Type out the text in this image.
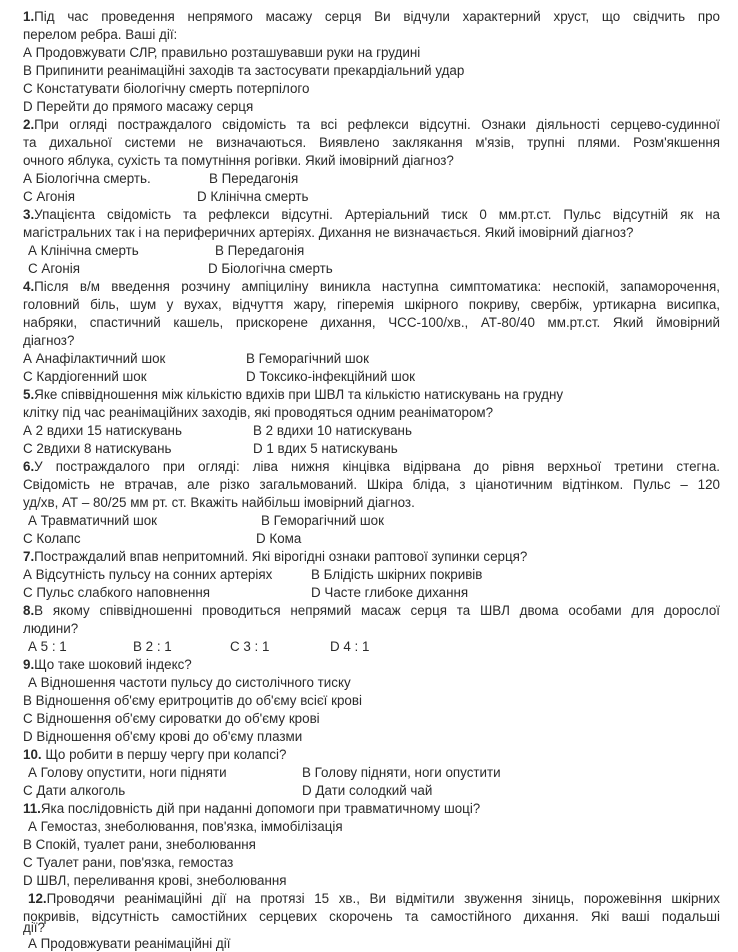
1.Під час проведення непрямого масажу серця Ви відчули характерний хруст, що свідчить про
перелом ребра. Ваші дії:
А Продовжувати СЛР, правильно розташувавши руки на грудині
В Припинити реанімаційні заходів та застосувати прекардіальний удар
С Констатувати біологічну смерть потерпілого
D Перейти до прямого масажу серця
2.При огляді постраждалого свідомість та всі рефлекси відсутні. Ознаки діяльності серцево-судинної
та дихальної системи не визначаються. Виявлено заклякання м'язів, трупні плями. Розм'якшення
очного яблука, сухість та помутніння рогівки. Який імовірний діагноз?
А Біологічна смерть.	В Передагонія
С Агонія	D Клінічна смерть
3.Упацієнта свідомість та рефлекси відсутні. Артеріальний тиск 0 мм.рт.ст. Пульс відсутній як на
магістральних так і на периферичних артеріях. Дихання не визначається. Який імовірний діагноз?
А Клінічна смерть	В Передагонія
С Агонія	D Біологічна смерть
4.Після в/м введення розчину ампіциліну виникла наступна симптоматика: неспокій, запаморочення,
головний біль, шум у вухах, відчуття жару, гіперемія шкірного покриву, свербіж, уртикарна висипка,
набряки, спастичний кашель, прискорене дихання, ЧСС-100/хв., АТ-80/40 мм.рт.ст. Який ймовірний
діагноз?
А Анафілактичний шок	В Геморагічний шок
С Кардіогенний шок	D Токсико-інфекційний шок
5.Яке співвідношення між кількістю вдихів при ШВЛ та кількістю натискувань на грудну
клітку під час реанімаційних заходів, які проводяться одним реаніматором?
А 2 вдихи 15 натискувань	В 2 вдихи 10 натискувань
С 2вдихи 8 натискувань	D 1 вдих 5 натискувань
6.У постраждалого при огляді: ліва нижня кінцівка відірвана до рівня верхньої третини стегна.
Свідомість не втрачав, але різко загальмований. Шкіра бліда, з ціанотичним відтінком. Пульс – 120
уд/хв, АТ – 80/25 мм рт. ст. Вкажіть найбільш імовірний діагноз.
А Травматичний шок	В Геморагічний шок
С Колапс	D Кома
7.Постраждалий впав непритомний. Які вірогідні ознаки раптової зупинки серця?
А Відсутність пульсу на сонних артеріях	В Блідість шкірних покривів
С Пульс слабкого наповнення	D Часте глибоке дихання
8.В якому співвідношенні проводиться непрямий масаж серця та ШВЛ двома особами для дорослої
людини?
А 5 : 1	В 2 : 1	С 3 : 1	D 4 : 1
9.Що таке шоковий індекс?
А Відношення частоти пульсу до систолічного тиску
В Відношення об'єму еритроцитів до об'єму всієї крові
С Відношення об'єму сироватки до об'єму крові
D Відношення об'єму крові до об'єму плазми
10. Що робити в першу чергу при колапсі?
А Голову опустити, ноги підняти	В Голову підняти, ноги опустити
С Дати алкоголь	D Дати солодкий чай
11.Яка послідовність дій при наданні допомоги при травматичному шоці?
А Гемостаз, знеболювання, пов'язка, іммобілізація
В Спокій, туалет рани, знеболювання
С Туалет рани, пов'язка, гемостаз
D ШВЛ, переливання крові, знеболювання
12.Проводячи реанімаційні дії на протязі 15 хв., Ви відмітили звуження зіниць, порожевіння шкірних
покривів, відсутність самостійних серцевих скорочень та самостійного дихання. Які ваші подальші
дії?
А Продовжувати реанімаційні дії
